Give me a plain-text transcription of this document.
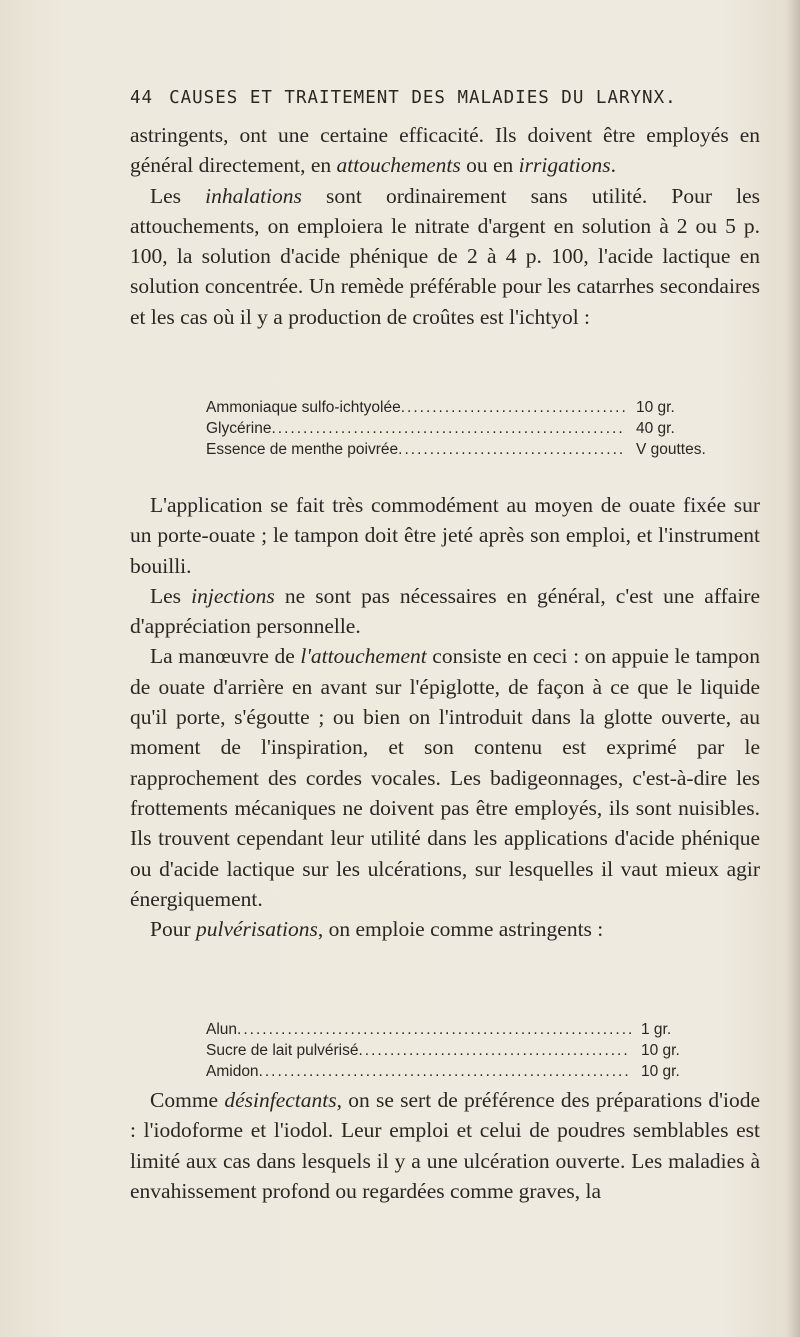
44 CAUSES ET TRAITEMENT DES MALADIES DU LARYNX.

astringents, ont une certaine efficacité. Ils doivent être employés en général directement, en attouchements ou en irrigations.

Les inhalations sont ordinairement sans utilité. Pour les attouchements, on emploiera le nitrate d'argent en solution à 2 ou 5 p. 100, la solution d'acide phénique de 2 à 4 p. 100, l'acide lactique en solution concentrée. Un remède préférable pour les catarrhes secondaires et les cas où il y a production de croûtes est l'ichtyol :

Ammoniaque sulfo-ichtyolée .....	10 gr.
Glycérine .....	40 gr.
Essence de menthe poivrée .....	V gouttes.

L'application se fait très commodément au moyen de ouate fixée sur un porte-ouate ; le tampon doit être jeté après son emploi, et l'instrument bouilli.

Les injections ne sont pas nécessaires en général, c'est une affaire d'appréciation personnelle.

La manœuvre de l'attouchement consiste en ceci : on appuie le tampon de ouate d'arrière en avant sur l'épiglotte, de façon à ce que le liquide qu'il porte, s'égoutte ; ou bien on l'introduit dans la glotte ouverte, au moment de l'inspiration, et son contenu est exprimé par le rapprochement des cordes vocales. Les badigeonnages, c'est-à-dire les frottements mécaniques ne doivent pas être employés, ils sont nuisibles. Ils trouvent cependant leur utilité dans les applications d'acide phénique ou d'acide lactique sur les ulcérations, sur lesquelles il vaut mieux agir énergiquement.

Pour pulvérisations, on emploie comme astringents :

Alun .....	1 gr.
Sucre de lait pulvérisé .....	10 gr.
Amidon .....	10 gr.

Comme désinfectants, on se sert de préférence des préparations d'iode : l'iodoforme et l'iodol. Leur emploi et celui de poudres semblables est limité aux cas dans lesquels il y a une ulcération ouverte. Les maladies à envahissement profond ou regardées comme graves, la
